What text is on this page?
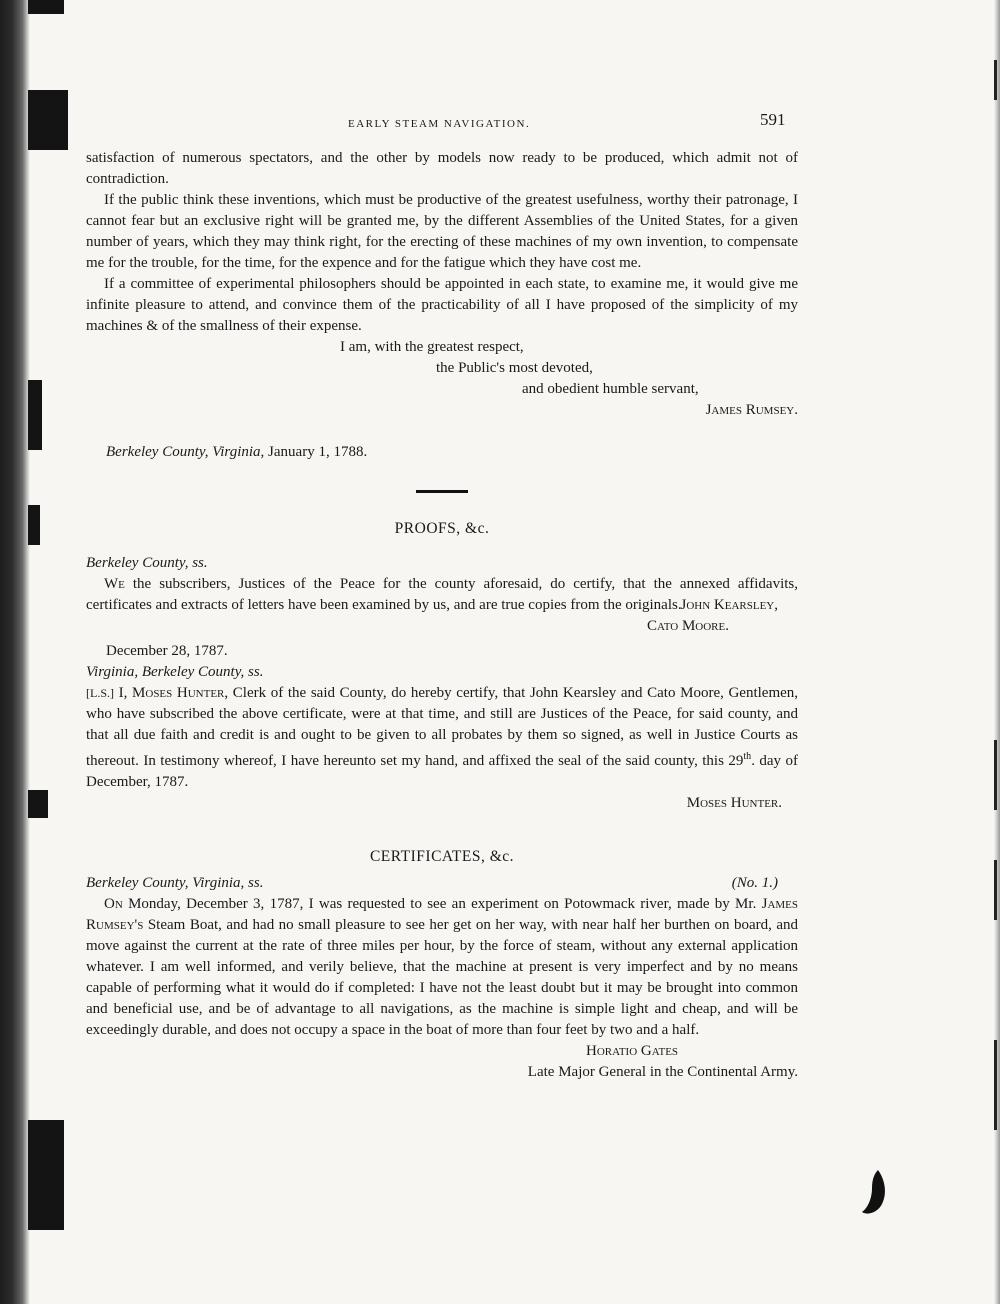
EARLY STEAM NAVIGATION.	591

satisfaction of numerous spectators, and the other by models now ready to be produced, which admit not of contradiction.

If the public think these inventions, which must be productive of the greatest usefulness, worthy their patronage, I cannot fear but an exclusive right will be granted me, by the different Assemblies of the United States, for a given number of years, which they may think right, for the erecting of these machines of my own invention, to compensate me for the trouble, for the time, for the expence and for the fatigue which they have cost me.

If a committee of experimental philosophers should be appointed in each state, to examine me, it would give me infinite pleasure to attend, and convince them of the practicability of all I have proposed of the simplicity of my machines & of the smallness of their expense.

I am, with the greatest respect,

the Public's most devoted,

and obedient humble servant,

James Rumsey.

Berkeley County, Virginia, January 1, 1788.

PROOFS, &c.

Berkeley County, ss.

We the subscribers, Justices of the Peace for the county aforesaid, do certify, that the annexed affidavits, certificates and extracts of letters have been examined by us, and are true copies from the originals.

John Kearsley,

Cato Moore.

December 28, 1787.

Virginia, Berkeley County, ss.

[L.S.] I, Moses Hunter, Clerk of the said County, do hereby certify, that John Kearsley and Cato Moore, Gentlemen, who have subscribed the above certificate, were at that time, and still are Justices of the Peace, for said county, and that all due faith and credit is and ought to be given to all probates by them so signed, as well in Justice Courts as thereout. In testimony whereof, I have hereunto set my hand, and affixed the seal of the said county, this 29th. day of December, 1787.

Moses Hunter.

CERTIFICATES, &c.

Berkeley County, Virginia, ss.	(No. 1.)

On Monday, December 3, 1787, I was requested to see an experiment on Potowmack river, made by Mr. James Rumsey's Steam Boat, and had no small pleasure to see her get on her way, with near half her burthen on board, and move against the current at the rate of three miles per hour, by the force of steam, without any external application whatever. I am well informed, and verily believe, that the machine at present is very imperfect and by no means capable of performing what it would do if completed: I have not the least doubt but it may be brought into common and beneficial use, and be of advantage to all navigations, as the machine is simple light and cheap, and will be exceedingly durable, and does not occupy a space in the boat of more than four feet by two and a half.

Horatio Gates

Late Major General in the Continental Army.
